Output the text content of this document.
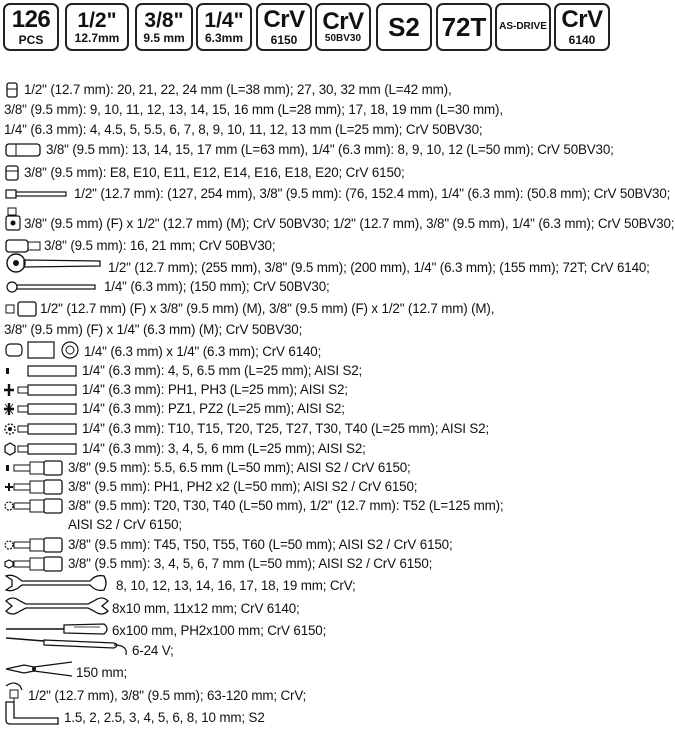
126
PCS
1/2"
12.7mm
3/8"
9.5 mm
1/4"
6.3mm
CrV
6150
CrV
50BV30 S2 72T AS-DRIVE CrV
6140
1/2" (12.7 mm): 20, 21, 22, 24 mm (L=38 mm); 27, 30, 32 mm (L=42 mm),
3/8" (9.5 mm): 9, 10, 11, 12, 13, 14, 15, 16 mm (L=28 mm); 17, 18, 19 mm (L=30 mm),
1/4" (6.3 mm): 4, 4.5, 5, 5.5, 6, 7, 8, 9, 10, 11, 12, 13 mm (L=25 mm); CrV 50BV30;
3/8" (9.5 mm): 13, 14, 15, 17 mm (L=63 mm), 1/4" (6.3 mm): 8, 9, 10, 12 (L=50 mm); CrV 50BV30;
3/8" (9.5 mm): E8, E10, E11, E12, E14, E16, E18, E20; CrV 6150;
1/2" (12.7 mm): (127, 254 mm), 3/8" (9.5 mm): (76, 152.4 mm), 1/4" (6.3 mm): (50.8 mm); CrV 50BV30;
3/8" (9.5 mm) (F) x 1/2" (12.7 mm) (M); CrV 50BV30; 1/2" (12.7 mm), 3/8" (9.5 mm), 1/4" (6.3 mm); CrV 50BV30;
3/8" (9.5 mm): 16, 21 mm; CrV 50BV30;
1/2" (12.7 mm); (255 mm), 3/8" (9.5 mm); (200 mm), 1/4" (6.3 mm); (155 mm); 72T; CrV 6140;
1/4" (6.3 mm); (150 mm); CrV 50BV30;
1/2" (12.7 mm) (F) x 3/8" (9.5 mm) (M), 3/8" (9.5 mm) (F) x 1/2" (12.7 mm) (M),
3/8" (9.5 mm) (F) x 1/4" (6.3 mm) (M); CrV 50BV30;
1/4" (6.3 mm) x 1/4" (6.3 mm); CrV 6140;
1/4" (6.3 mm): 4, 5, 6.5 mm (L=25 mm); AISI S2;
1/4" (6.3 mm): PH1, PH3 (L=25 mm); AISI S2;
1/4" (6.3 mm): PZ1, PZ2 (L=25 mm); AISI S2;
1/4" (6.3 mm): T10, T15, T20, T25, T27, T30, T40 (L=25 mm); AISI S2;
1/4" (6.3 mm): 3, 4, 5, 6 mm (L=25 mm); AISI S2;
3/8" (9.5 mm): 5.5, 6.5 mm (L=50 mm); AISI S2 / CrV 6150;
3/8" (9.5 mm): PH1, PH2 x2 (L=50 mm); AISI S2 / CrV 6150;
3/8" (9.5 mm): T20, T30, T40 (L=50 mm), 1/2" (12.7 mm): T52 (L=125 mm);
AISI S2 / CrV 6150;
3/8" (9.5 mm): T45, T50, T55, T60 (L=50 mm); AISI S2 / CrV 6150;
3/8" (9.5 mm): 3, 4, 5, 6, 7 mm (L=50 mm); AISI S2 / CrV 6150;
8, 10, 12, 13, 14, 16, 17, 18, 19 mm; CrV;
8x10 mm, 11x12 mm; CrV 6140;
6x100 mm, PH2x100 mm; CrV 6150;
6-24 V;
150 mm;
1/2" (12.7 mm), 3/8" (9.5 mm); 63-120 mm; CrV;
1.5, 2, 2.5, 3, 4, 5, 6, 8, 10 mm; S2
